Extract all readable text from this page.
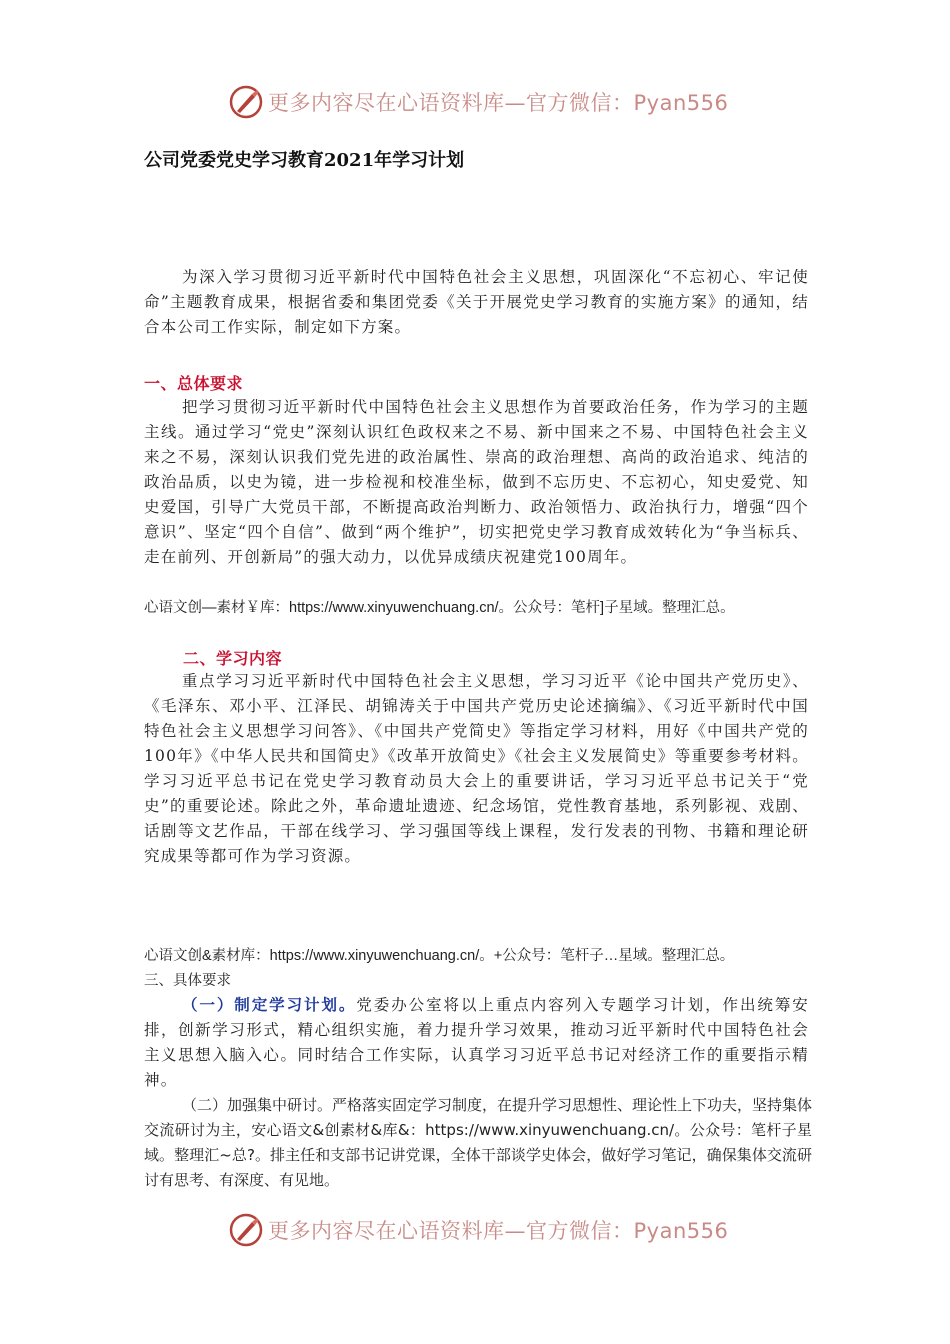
更多内容尽在心语资料库—官方微信：Pyan556
公司党委党史学习教育2021年学习计划

为深入学习贯彻习近平新时代中国特色社会主义思想，巩固深化“不忘初心、牢记使命”主题教育成果，根据省委和集团党委《关于开展党史学习教育的实施方案》的通知，结合本公司工作实际，制定如下方案。

一、总体要求

把学习贯彻习近平新时代中国特色社会主义思想作为首要政治任务，作为学习的主题主线。通过学习“党史”深刻认识红色政权来之不易、新中国来之不易、中国特色社会主义来之不易，深刻认识我们党先进的政治属性、崇高的政治理想、高尚的政治追求、纯洁的政治品质，以史为镜，进一步检视和校准坐标，做到不忘历史、不忘初心，知史爱党、知史爱国，引导广大党员干部，不断提高政治判断力、政治领悟力、政治执行力，增强“四个意识”、坚定“四个自信”、做到“两个维护”，切实把党史学习教育成效转化为“争当标兵、走在前列、开创新局”的强大动力，以优异成绩庆祝建党100周年。

心语文创—素材￥库：https://www.xinyuwenchuang.cn/。公众号：笔杆]子星域。整理汇总。
二、学习内容

重点学习习近平新时代中国特色社会主义思想，学习习近平《论中国共产党历史》、《毛泽东、邓小平、江泽民、胡锦涛关于中国共产党历史论述摘编》、《习近平新时代中国特色社会主义思想学习问答》、《中国共产党简史》等指定学习材料，用好《中国共产党的100年》《中华人民共和国简史》《改革开放简史》《社会主义发展简史》等重要参考材料。学习习近平总书记在党史学习教育动员大会上的重要讲话，学习习近平总书记关于“党史”的重要论述。除此之外，革命遗址遗迹、纪念场馆，党性教育基地，系列影视、戏剧、话剧等文艺作品，干部在线学习、学习强国等线上课程，发行发表的刊物、书籍和理论研究成果等都可作为学习资源。

心语文创&素材库：https://www.xinyuwenchuang.cn/。+公众号：笔杆子…星域。整理汇总。
三、具体要求

（一）制定学习计划。党委办公室将以上重点内容列入专题学习计划，作出统筹安排，创新学习形式，精心组织实施，着力提升学习效果，推动习近平新时代中国特色社会主义思想入脑入心。同时结合工作实际，认真学习习近平总书记对经济工作的重要指示精神。

（二）加强集中研讨。严格落实固定学习制度，在提升学习思想性、理论性上下功夫，坚持集体交流研讨为主，安心语文&创素材&库&：https://www.xinyuwenchuang.cn/。公众号：笔杆子星域。整理汇~总?。排主任和支部书记讲党课，全体干部谈学史体会，做好学习笔记，确保集体交流研讨有思考、有深度、有见地。

更多内容尽在心语资料库—官方微信：Pyan556
